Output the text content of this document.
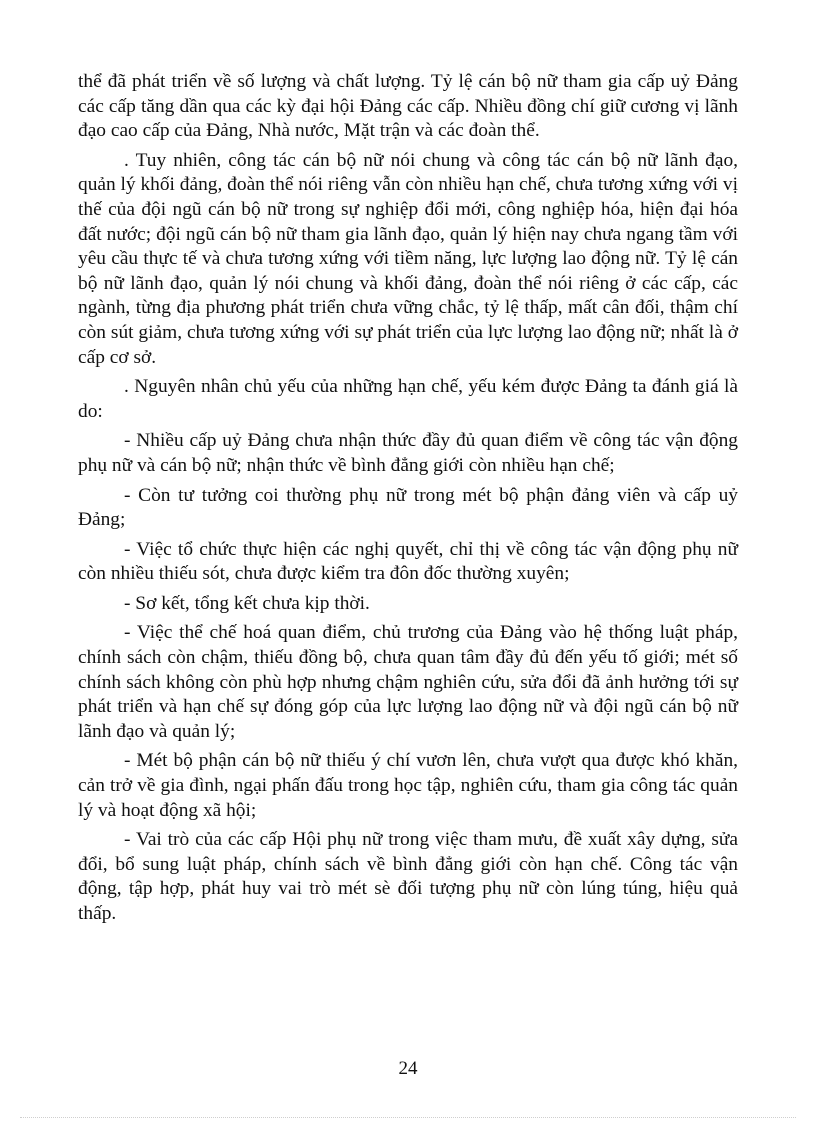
thể đã phát triển về số lượng và chất lượng. Tỷ lệ cán bộ nữ tham gia cấp uỷ Đảng các cấp tăng dần qua các kỳ đại hội Đảng các cấp. Nhiều đồng chí giữ cương vị lãnh đạo cao cấp của Đảng, Nhà nước, Mặt trận và các đoàn thể.

. Tuy nhiên, công tác cán bộ nữ nói chung và công tác cán bộ nữ lãnh đạo, quản lý khối đảng, đoàn thể nói riêng vẫn còn nhiều hạn chế, chưa tương xứng với vị thế của đội ngũ cán bộ nữ trong sự nghiệp đổi mới, công nghiệp hóa, hiện đại hóa đất nước; đội ngũ cán bộ nữ tham gia lãnh đạo, quản lý hiện nay chưa ngang tầm với yêu cầu thực tế và chưa tương xứng với tiềm năng, lực lượng lao động nữ. Tỷ lệ cán bộ nữ lãnh đạo, quản lý nói chung và khối đảng, đoàn thể nói riêng ở các cấp, các ngành, từng địa phương phát triển chưa vững chắc, tỷ lệ thấp, mất cân đối, thậm chí còn sút giảm, chưa tương xứng với sự phát triển của lực lượng lao động nữ; nhất là ở cấp cơ sở.

. Nguyên nhân chủ yếu của những hạn chế, yếu kém được Đảng ta đánh giá là do:

- Nhiều cấp uỷ Đảng chưa nhận thức đầy đủ quan điểm về công tác vận động phụ nữ và cán bộ nữ; nhận thức về bình đẳng giới còn nhiều hạn chế;

- Còn tư tưởng coi thường phụ nữ trong mét bộ phận đảng viên và cấp uỷ Đảng;

- Việc tổ chức thực hiện các nghị quyết, chỉ thị về công tác vận động phụ nữ còn nhiều thiếu sót, chưa được kiểm tra đôn đốc thường xuyên;

- Sơ kết, tổng kết chưa kịp thời.

- Việc thể chế hoá quan điểm, chủ trương của Đảng vào hệ thống luật pháp, chính sách còn chậm, thiếu đồng bộ, chưa quan tâm đầy đủ đến yếu tố giới; mét số chính sách không còn phù hợp nhưng chậm nghiên cứu, sửa đổi đã ảnh hưởng tới sự phát triển và hạn chế sự đóng góp của lực lượng lao động nữ và đội ngũ cán bộ nữ lãnh đạo và quản lý;

- Mét bộ phận cán bộ nữ thiếu ý chí vươn lên, chưa vượt qua được khó khăn, cản trở về gia đình, ngại phấn đấu trong học tập, nghiên cứu, tham gia công tác quản lý và hoạt động xã hội;

- Vai trò của các cấp Hội phụ nữ trong việc tham mưu, đề xuất xây dựng, sửa đổi, bổ sung luật pháp, chính sách về bình đẳng giới còn hạn chế. Công tác vận động, tập hợp, phát huy vai trò mét sè đối tượng phụ nữ còn lúng túng, hiệu quả thấp.

24
